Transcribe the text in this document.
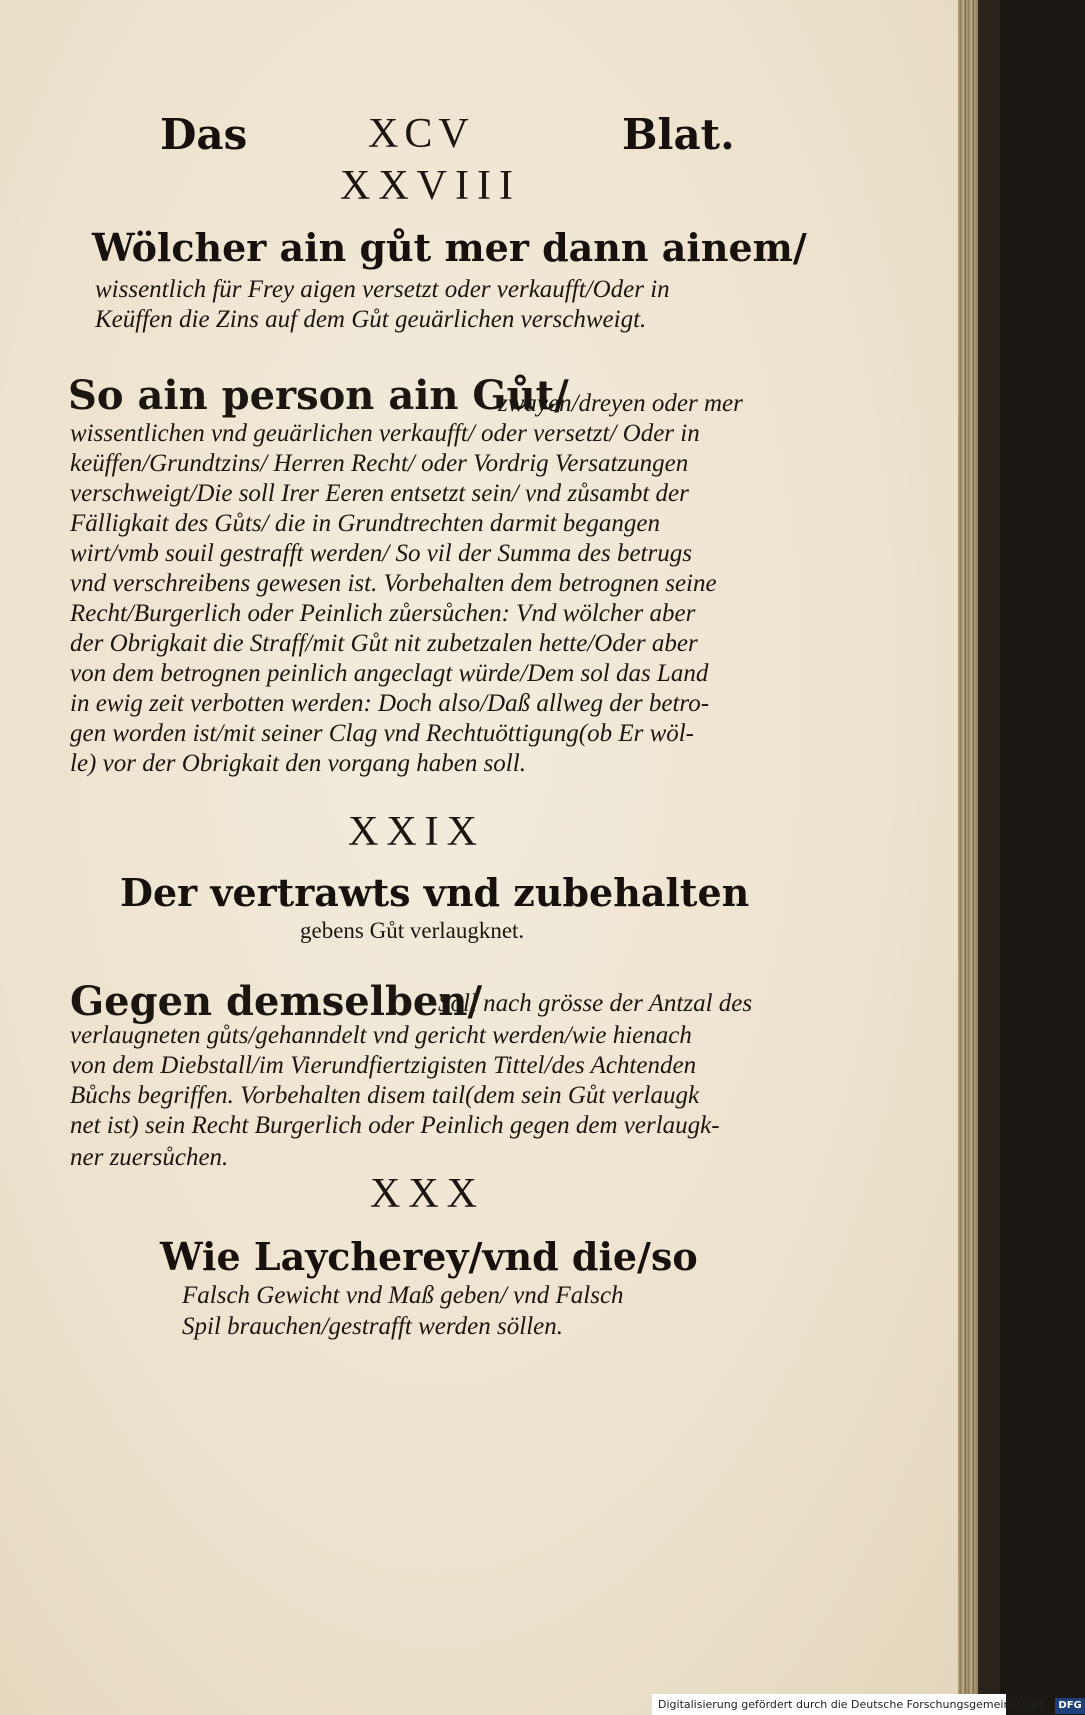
Das	XCV	Blat.
XXVIII
Wölcher ain gůt mer dann ainem/
wissentlich für Frey aigen versetzt oder verkaufft/Oder in
Keüffen die Zins auf dem Gůt geuärlichen verschweigt.
So ain person ain Gůt/
zwayen/dreyen oder mer
wissentlichen vnd geuärlichen verkaufft/ oder versetzt/ Oder in
keüffen/Grundtzins/ Herren Recht/ oder Vordrig Versatzungen
verschweigt/Die soll Irer Eeren entsetzt sein/ vnd zůsambt der
Fälligkait des Gůts/ die in Grundtrechten darmit begangen
wirt/vmb souil gestrafft werden/ So vil der Summa des betrugs
vnd verschreibens gewesen ist. Vorbehalten dem betrognen seine
Recht/Burgerlich oder Peinlich zůersůchen: Vnd wölcher aber
der Obrigkait die Straff/mit Gůt nit zubetzalen hette/Oder aber
von dem betrognen peinlich angeclagt würde/Dem sol das Land
in ewig zeit verbotten werden: Doch also/Daß allweg der betro-
gen worden ist/mit seiner Clag vnd Rechtuöttigung(ob Er wöl-
le) vor der Obrigkait den vorgang haben soll.
XXIX
Der vertrawts vnd zubehalten
gebens Gůt verlaugknet.
Gegen demselben/
Soll nach grösse der Antzal des
verlaugneten gůts/gehanndelt vnd gericht werden/wie hienach
von dem Diebstall/im Vierundfiertzigisten Tittel/des Achtenden
Bůchs begriffen. Vorbehalten disem tail(dem sein Gůt verlaugk
net ist) sein Recht Burgerlich oder Peinlich gegen dem verlaugk-
ner zuersůchen.
XXX
Wie Laycherey/vnd die/so
Falsch Gewicht vnd Maß geben/ vnd Falsch
Spil brauchen/gestrafft werden söllen.
Digitalisierung gefördert durch die Deutsche Forschungsgemeinschaft - DFG
